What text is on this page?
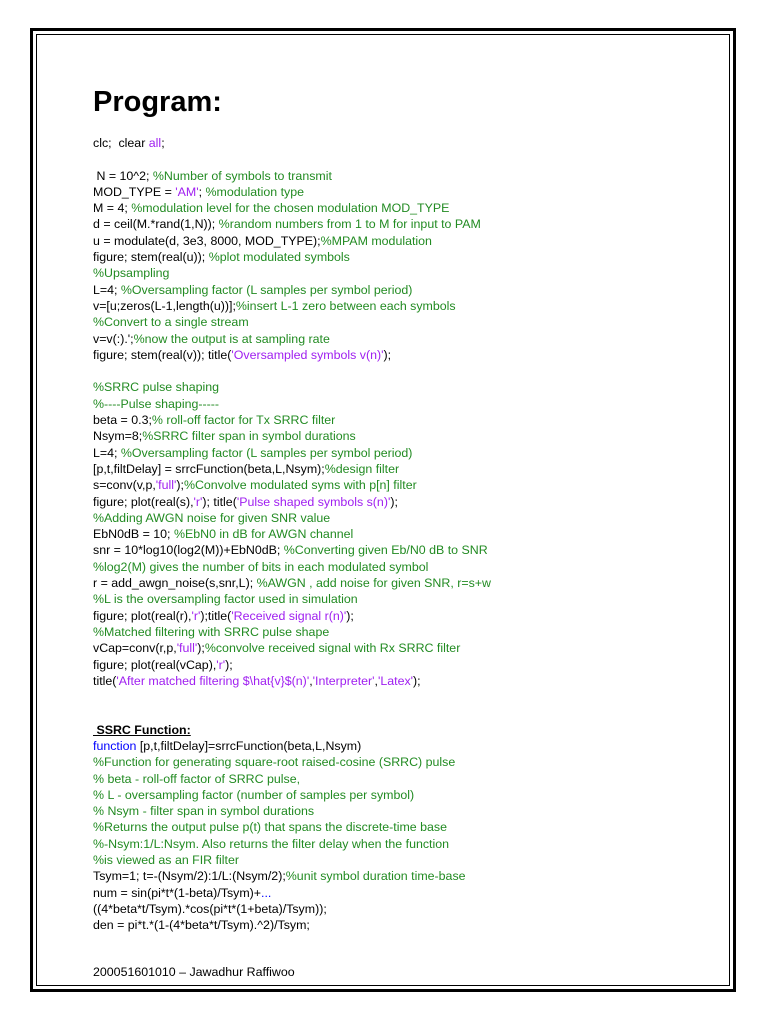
Program:
clc;  clear all;

N = 10^2; %Number of symbols to transmit
MOD_TYPE = 'AM'; %modulation type
M = 4; %modulation level for the chosen modulation MOD_TYPE
d = ceil(M.*rand(1,N)); %random numbers from 1 to M for input to PAM
u = modulate(d, 3e3, 8000, MOD_TYPE);%MPAM modulation
figure; stem(real(u)); %plot modulated symbols
%Upsampling
L=4; %Oversampling factor (L samples per symbol period)
v=[u;zeros(L-1,length(u))];%insert L-1 zero between each symbols
%Convert to a single stream
v=v(:).';%now the output is at sampling rate
figure; stem(real(v)); title('Oversampled symbols v(n)');

%SRRC pulse shaping
%----Pulse shaping-----
beta = 0.3;% roll-off factor for Tx SRRC filter
Nsym=8;%SRRC filter span in symbol durations
L=4; %Oversampling factor (L samples per symbol period)
[p,t,filtDelay] = srrcFunction(beta,L,Nsym);%design filter
s=conv(v,p,'full');%Convolve modulated syms with p[n] filter
figure; plot(real(s),'r'); title('Pulse shaped symbols s(n)');
%Adding AWGN noise for given SNR value
EbN0dB = 10; %EbN0 in dB for AWGN channel
snr = 10*log10(log2(M))+EbN0dB; %Converting given Eb/N0 dB to SNR
%log2(M) gives the number of bits in each modulated symbol
r = add_awgn_noise(s,snr,L); %AWGN , add noise for given SNR, r=s+w
%L is the oversampling factor used in simulation
figure; plot(real(r),'r');title('Received signal r(n)');
%Matched filtering with SRRC pulse shape
vCap=conv(r,p,'full');%convolve received signal with Rx SRRC filter
figure; plot(real(vCap),'r');
title('After matched filtering $\hat{v}$(n)','Interpreter','Latex');

SSRC Function:
function [p,t,filtDelay]=srrcFunction(beta,L,Nsym)
%Function for generating square-root raised-cosine (SRRC) pulse
% beta - roll-off factor of SRRC pulse,
% L - oversampling factor (number of samples per symbol)
% Nsym - filter span in symbol durations
%Returns the output pulse p(t) that spans the discrete-time base
%-Nsym:1/L:Nsym. Also returns the filter delay when the function
%is viewed as an FIR filter
Tsym=1; t=-(Nsym/2):1/L:(Nsym/2);%unit symbol duration time-base
num = sin(pi*t*(1-beta)/Tsym)+...
((4*beta*t/Tsym).*cos(pi*t*(1+beta)/Tsym));
den = pi*t.*(1-(4*beta*t/Tsym).^2)/Tsym;
200051601010 – Jawadhur Raffiwoo
